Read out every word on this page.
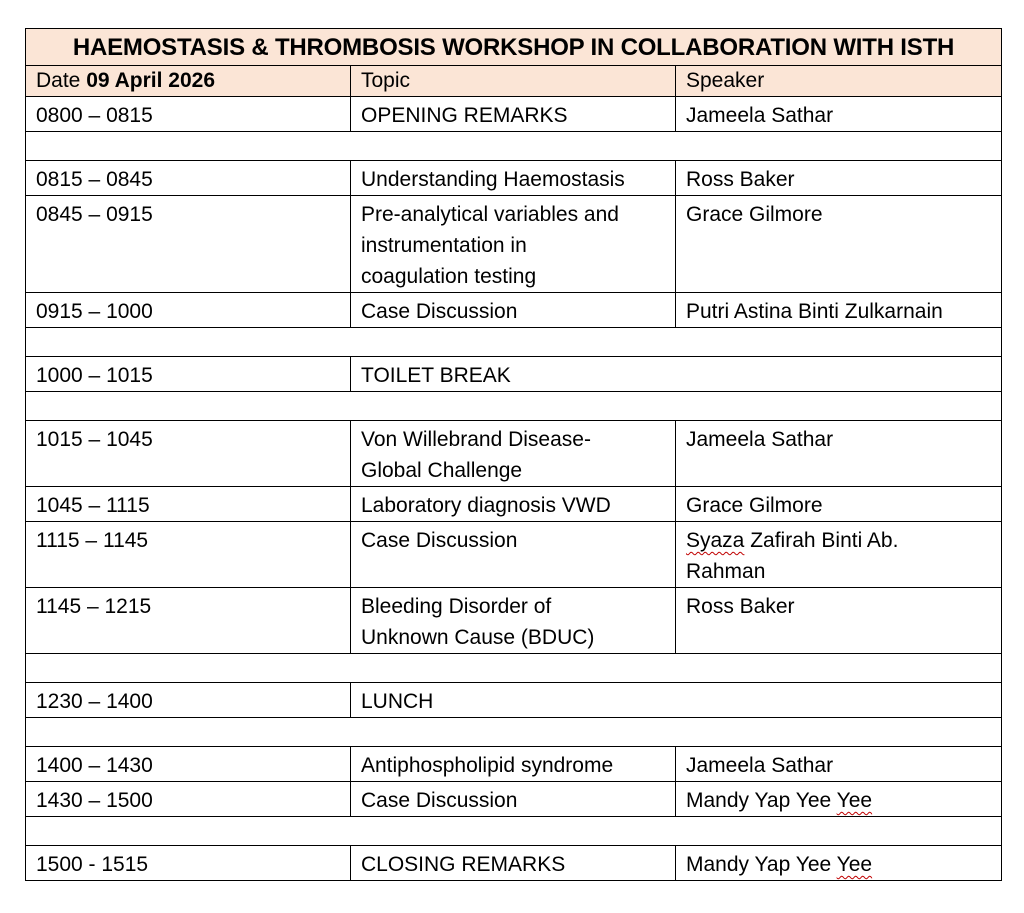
HAEMOSTASIS & THROMBOSIS WORKSHOP IN COLLABORATION WITH ISTH		
Date 09 April 2026	Topic	Speaker
0800 – 0815	OPENING REMARKS	Jameela Sathar

0815 – 0845	Understanding Haemostasis	Ross Baker

0845 – 0915	Pre-analytical variables and
instrumentation in
coagulation testing	Grace Gilmore

0915 – 1000	Case Discussion	Putri Astina Binti Zulkarnain

1000 – 1015	TOILET BREAK	

1015 – 1045	Von Willebrand Disease-
Global Challenge	Jameela Sathar

1045 – 1115	Laboratory diagnosis VWD	Grace Gilmore

1115 – 1145	Case Discussion	Syaza Zafirah Binti Ab.
Rahman

1145 – 1215	Bleeding Disorder of
Unknown Cause (BDUC)	Ross Baker

1230 – 1400	LUNCH	

1400 – 1430	Antiphospholipid syndrome	Jameela Sathar

1430 – 1500	Case Discussion	Mandy Yap Yee Yee

1500 - 1515	CLOSING REMARKS	Mandy Yap Yee Yee
